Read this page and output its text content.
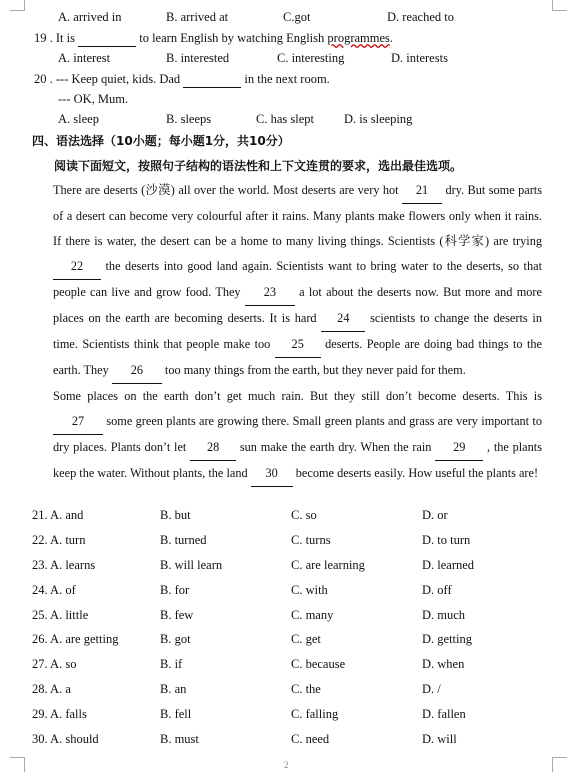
A. arrived in	B. arrived at	C.got	D. reached to
19 . It is	to learn English by watching English programmes.
A. interest	B. interested	C. interesting	D. interests
20 . --- Keep quiet, kids. Dad	in the next room.
--- OK, Mum.
A. sleep	B. sleeps	C. has slept D. is sleeping
四、语法选择（10小题；每小题1分，共10分）
阅读下面短文，按照句子结构的语法性和上下文连贯的要求，选出最佳选项。

There are deserts (沙漠) all over the world. Most deserts are very hot 21 dry. But some parts of a desert can become very colourful after it rains. Many plants make flowers only when it rains. If there is water, the desert can be a home to many living things. Scientists (科学家) are trying 22 the deserts into good land again. Scientists want to bring water to the deserts, so that people can live and grow food. They 23 a lot about the deserts now. But more and more places on the earth are becoming deserts. It is hard 24 scientists to change the deserts in time. Scientists think that people make too 25 deserts. People are doing bad things to the earth. They 26 too many things from the earth, but they never paid for them.

Some places on the earth don’t get much rain. But they still don’t become deserts. This is 27 some green plants are growing there. Small green plants and grass are very important to dry places. Plants don’t let 28 sun make the earth dry. When the rain 29 , the plants keep the water. Without plants, the land 30 become deserts easily. How useful the plants are!

21. A. and	B. but	C. so	D. or
22. A. turn	B. turned	C. turns	D. to turn
23. A. learns	B. will learn	C. are learning	D. learned
24. A. of	B. for	C. with	D. off
25. A. little	B. few	C. many	D. much
26. A. are getting	B. got	C. get	D. getting
27. A. so	B. if	C. because	D. when
28. A. a	B. an	C. the	D. /
29. A. falls	B. fell	C. falling	D. fallen
30. A. should	B. must	C. need	D. will
2
